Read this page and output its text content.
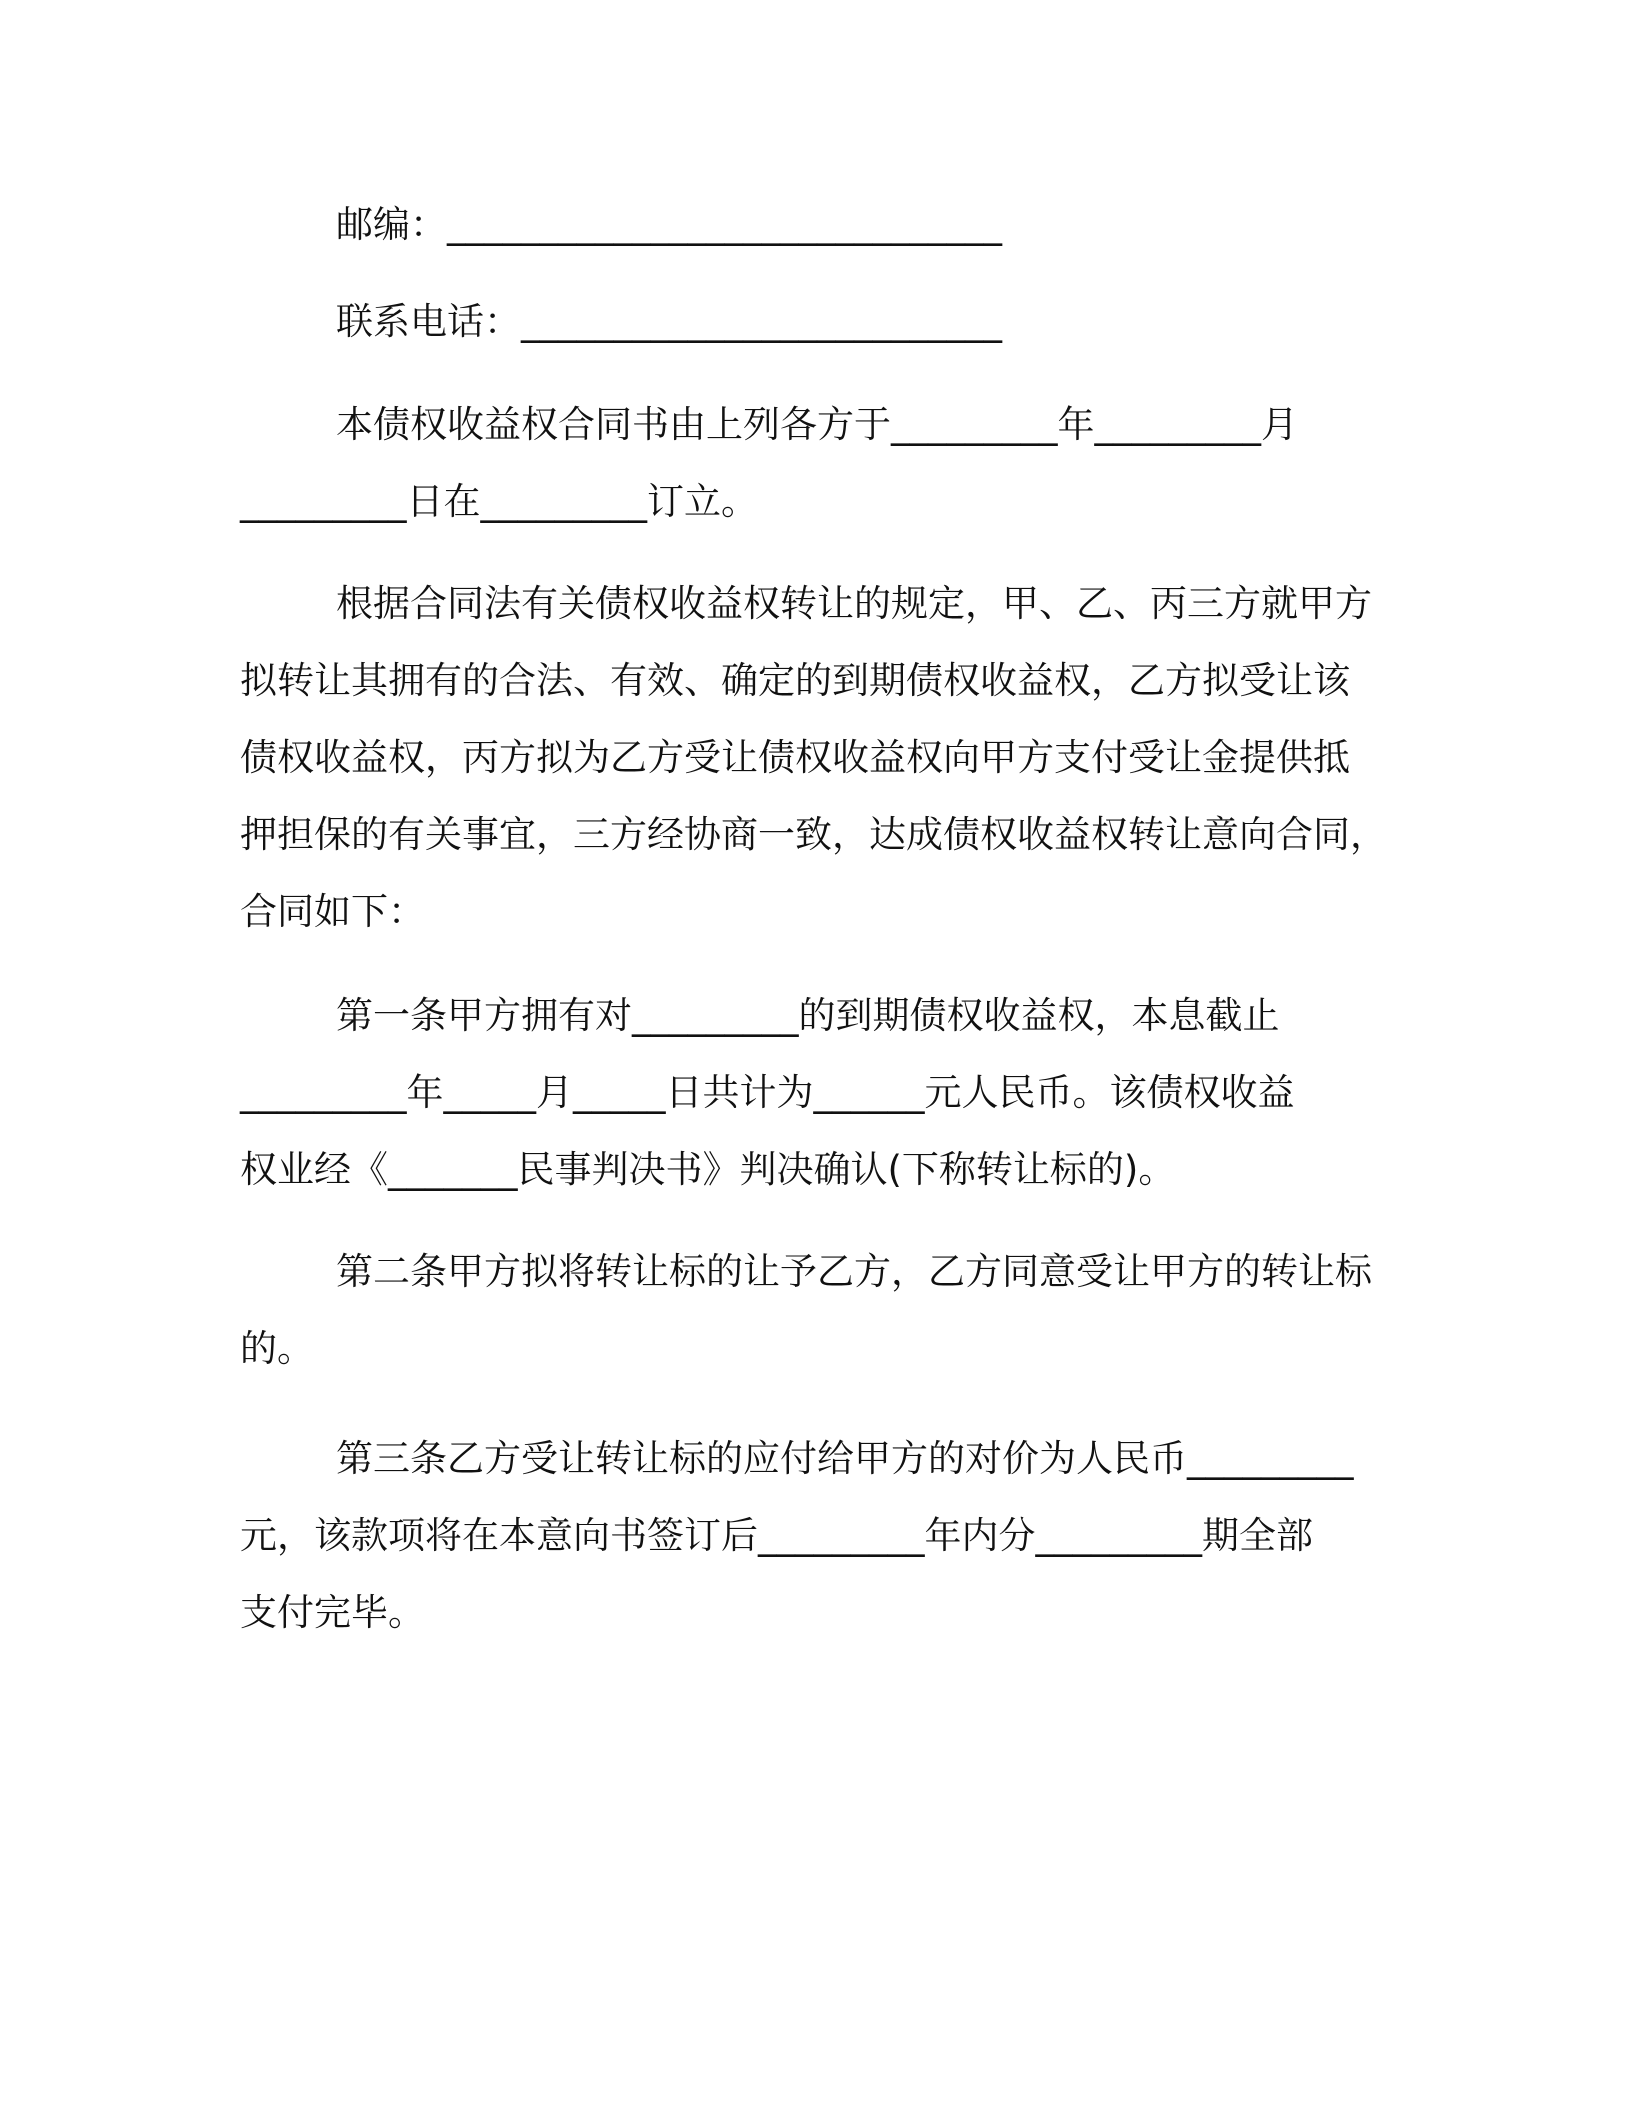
邮编：______________________________
联系电话：__________________________
本债权收益权合同书由上列各方于_________年_________月
_________日在_________订立。
根据合同法有关债权收益权转让的规定，甲、乙、丙三方就甲方
拟转让其拥有的合法、有效、确定的到期债权收益权，乙方拟受让该
债权收益权，丙方拟为乙方受让债权收益权向甲方支付受让金提供抵
押担保的有关事宜，三方经协商一致，达成债权收益权转让意向合同，
合同如下：
第一条甲方拥有对_________的到期债权收益权，本息截止
_________年_____月_____日共计为______元人民币。该债权收益
权业经《_______民事判决书》判决确认(下称转让标的)。
第二条甲方拟将转让标的让予乙方，乙方同意受让甲方的转让标
的。
第三条乙方受让转让标的应付给甲方的对价为人民币_________
元，该款项将在本意向书签订后_________年内分_________期全部
支付完毕。
